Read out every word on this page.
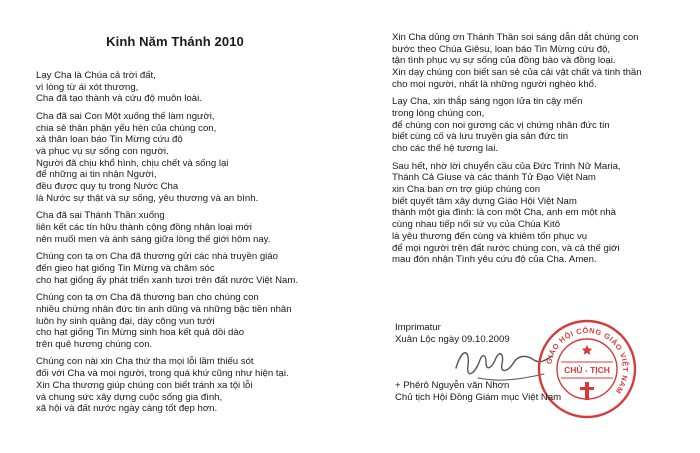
Kinh Năm Thánh 2010
Lạy Cha là Chúa cả trời đất,
vì lòng từ ái xót thương,
Cha đã tạo thành và cứu độ muôn loài.
Cha đã sai Con Một xuống thế làm người,
chia sẻ thân phận yếu hèn của chúng con,
xả thân loan báo Tin Mừng cứu độ
và phục vụ sự sống con người.
Người đã chịu khổ hình, chịu chết và sống lại
để những ai tin nhận Người,
đều được quy tụ trong Nước Cha
là Nước sự thật và sự sống, yêu thương và an bình.
Cha đã sai Thánh Thần xuống
liên kết các tín hữu thành cộng đồng nhân loại mới
nên muối men và ánh sáng giữa lòng thế giới hôm nay.
Chúng con tạ ơn Cha đã thương gửi các nhà truyền giáo
đến gieo hạt giống Tin Mừng và chăm sóc
cho hạt giống ấy phát triển xanh tươi trên đất nước Việt Nam.
Chúng con tạ ơn Cha đã thương ban cho chúng con
nhiều chứng nhân đức tin anh dũng và những bậc tiền nhân
luôn hy sinh quảng đại, dày công vun tưới
cho hạt giống Tin Mừng sinh hoa kết quả dồi dào
trên quê hương chúng con.
Chúng con nài xin Cha thứ tha mọi lỗi lầm thiếu sót
đối với Cha và mọi người, trong quá khứ cũng như hiện tại.
Xin Cha thương giúp chúng con biết tránh xa tội lỗi
và chung sức xây dựng cuộc sống gia đình,
xã hội và đất nước ngày càng tốt đẹp hơn.
Xin Cha dủng ơn Thánh Thần soi sáng dẫn dắt chúng con
bước theo Chúa Giêsu, loan báo Tin Mừng cứu độ,
tận tình phục vụ sự sống của đồng bào và đồng loại.
Xin dạy chúng con biết san sẻ của cải vật chất và tinh thần
cho mọi người, nhất là những người nghèo khổ.
Lạy Cha, xin thắp sáng ngọn lửa tin cậy mến
trong lòng chúng con,
để chúng con noi gương các vị chứng nhân đức tin
biết cùng cố và lưu truyền gia sản đức tin
cho các thế hệ tương lai.
Sau hết, nhờ lời chuyển cầu của Đức Trinh Nữ Maria,
Thánh Cả Giuse và các thánh Tử Đạo Việt Nam
xin Cha ban ơn trợ giúp chúng con
biết quyết tâm xây dựng Giáo Hội Việt Nam
thành một gia đình: là con một Cha, anh em một nhà
cùng nhau tiếp nối sứ vụ của Chúa Kitô
là yêu thương đến cùng và khiêm tốn phục vụ
để mọi người trên đất nước chúng con, và cả thế giới
mau đón nhận Tình yêu cứu độ của Cha. Amen.
Imprimatur
Xuân Lộc ngày 09.10.2009
GIÁO HỘI CÔNG GIÁO VIỆT NAM
CHỦ - TỊCH
+ Phêrô Nguyễn văn Nhơn
Chủ tịch Hội Đồng Giám mục Việt Nam
